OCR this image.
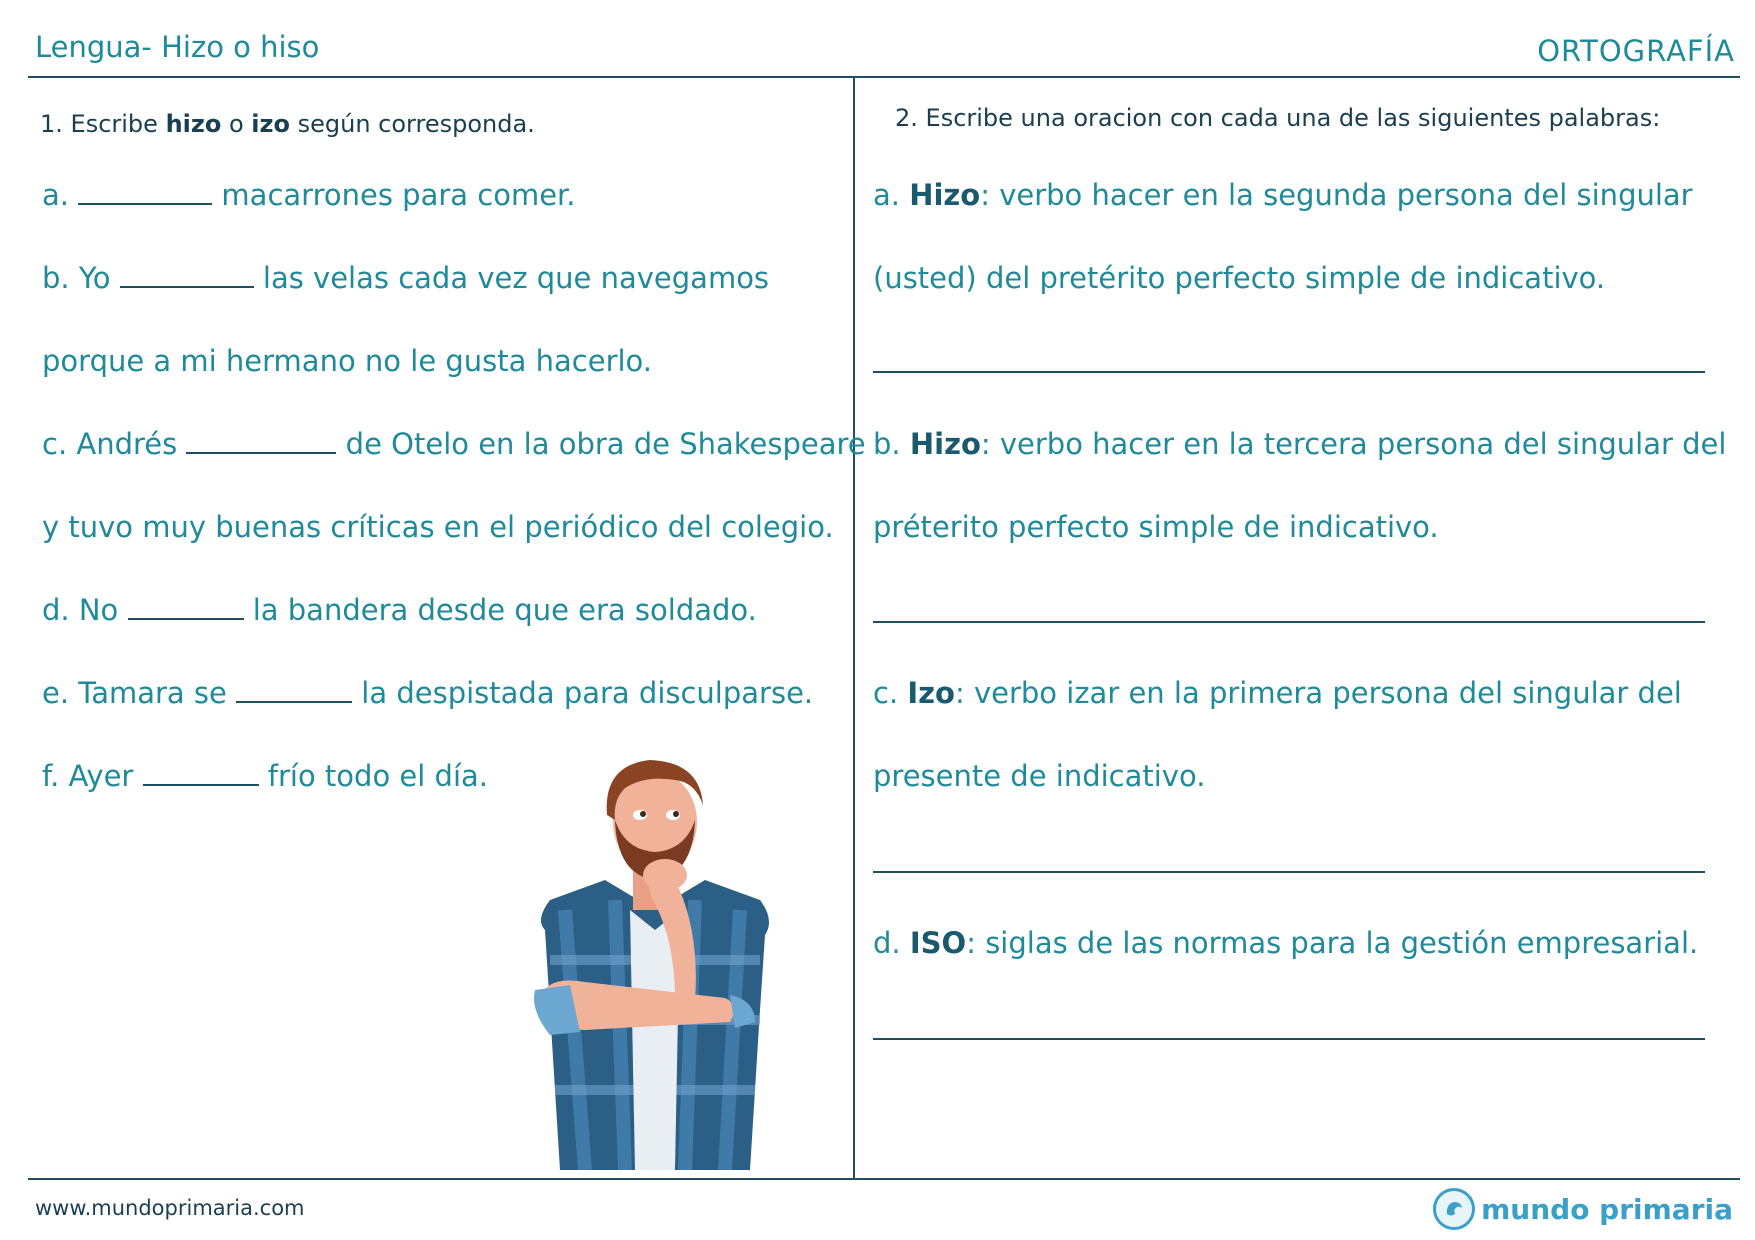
Lengua- Hizo o hiso	ORTOGRAFÍA
1. Escribe hizo o izo según corresponda.
a.	macarrones para comer.
b. Yo	las velas cada vez que navegamos
porque a mi hermano no le gusta hacerlo.
c. Andrés	de Otelo en la obra de Shakespeare
y tuvo muy buenas críticas en el periódico del colegio.
d. No	la bandera desde que era soldado.
e. Tamara se	la despistada para disculparse.
f. Ayer	frío todo el día.
2. Escribe una oracion con cada una de las siguientes palabras:
a. Hizo: verbo hacer en la segunda persona del singular
(usted) del pretérito perfecto simple de indicativo.
b. Hizo: verbo hacer en la tercera persona del singular del
préterito perfecto simple de indicativo.
c. Izo: verbo izar en la primera persona del singular del
presente de indicativo.
d. ISO: siglas de las normas para la gestión empresarial.
www.mundoprimaria.com	mundo primaria
